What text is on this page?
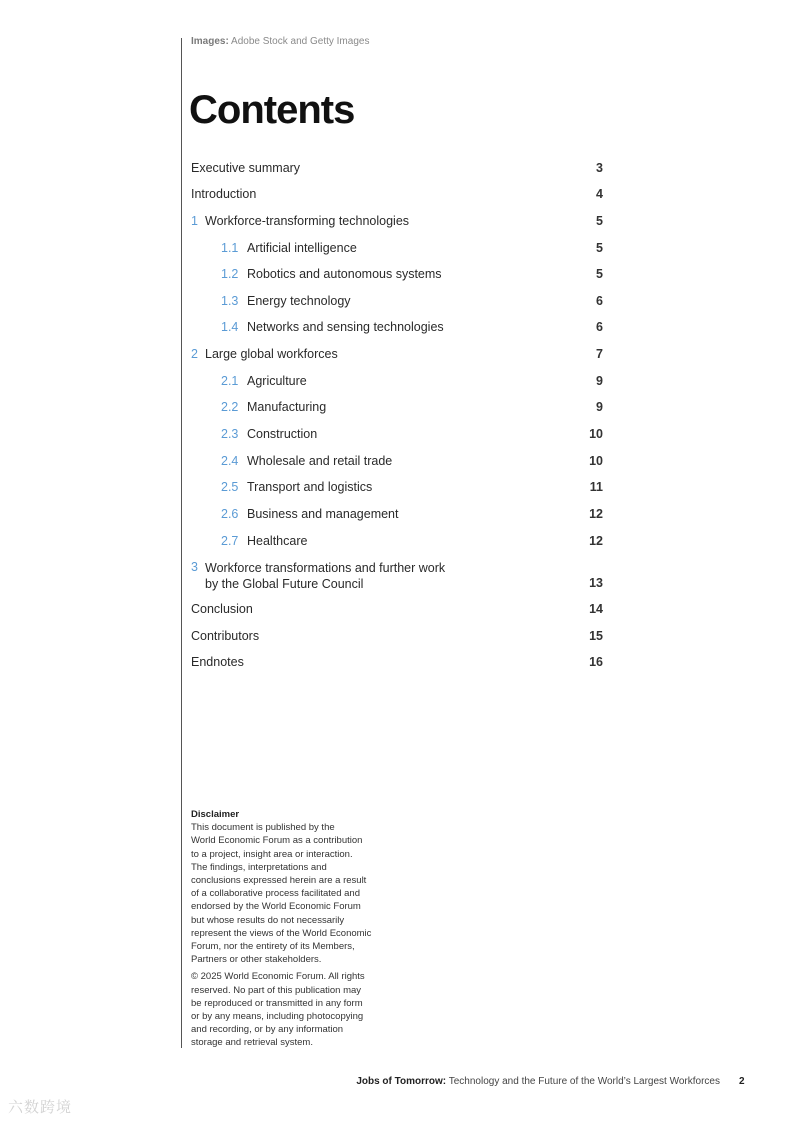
Images: Adobe Stock and Getty Images
Contents
Executive summary	3
Introduction	4
1 Workforce-transforming technologies	5
1.1 Artificial intelligence	5
1.2 Robotics and autonomous systems	5
1.3 Energy technology	6
1.4 Networks and sensing technologies	6
2 Large global workforces	7
2.1 Agriculture	9
2.2 Manufacturing	9
2.3 Construction	10
2.4 Wholesale and retail trade	10
2.5 Transport and logistics	11
2.6 Business and management	12
2.7 Healthcare	12
3 Workforce transformations and further work
by the Global Future Council	13
Conclusion	14
Contributors	15
Endnotes	16

Disclaimer

This document is published by the
World Economic Forum as a contribution
to a project, insight area or interaction.
The findings, interpretations and
conclusions expressed herein are a result
of a collaborative process facilitated and
endorsed by the World Economic Forum
but whose results do not necessarily
represent the views of the World Economic
Forum, nor the entirety of its Members,
Partners or other stakeholders.

© 2025 World Economic Forum. All rights
reserved. No part of this publication may
be reproduced or transmitted in any form
or by any means, including photocopying
and recording, or by any information
storage and retrieval system.

Jobs of Tomorrow: Technology and the Future of the World’s Largest Workforces 2
六数跨境
